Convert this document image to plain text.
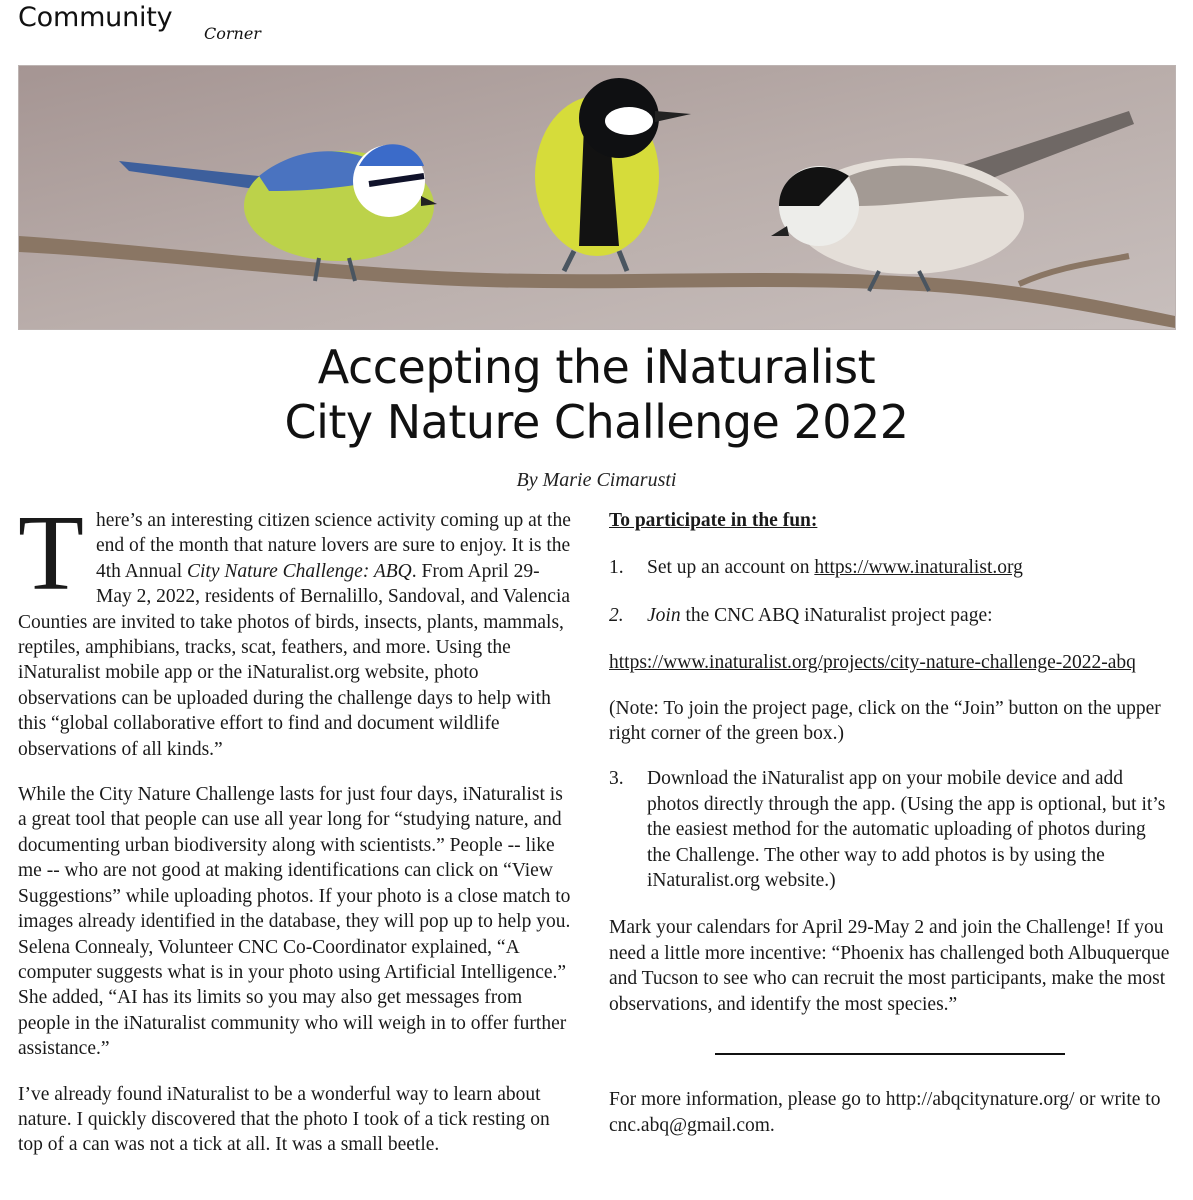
Community
Corner
Accepting the iNaturalist
City Nature Challenge 2022
By Marie Cimarusti

There’s an interesting citizen science activity coming up at the end of the month that nature lovers are sure to enjoy. It is the 4th Annual City Nature Challenge: ABQ. From April 29-May 2, 2022, residents of Bernalillo, Sandoval, and Valencia Counties are invited to take photos of birds, insects, plants, mammals, reptiles, amphibians, tracks, scat, feathers, and more. Using the iNaturalist mobile app or the iNaturalist.org website, photo observations can be uploaded during the challenge days to help with this “global collaborative effort to find and document wildlife observations of all kinds.”

While the City Nature Challenge lasts for just four days, iNaturalist is a great tool that people can use all year long for “studying nature, and documenting urban biodiversity along with scientists.” People -- like me -- who are not good at making identifications can click on “View Suggestions” while uploading photos. If your photo is a close match to images already identified in the database, they will pop up to help you. Selena Connealy, Volunteer CNC Co-Coordinator explained, “A computer suggests what is in your photo using Artificial Intelligence.” She added, “AI has its limits so you may also get messages from people in the iNaturalist community who will weigh in to offer further assistance.”

I’ve already found iNaturalist to be a wonderful way to learn about nature. I quickly discovered that the photo I took of a tick resting on top of a can was not a tick at all. It was a small beetle.

To participate in the fun:

1.	Set up an account on https://www.inaturalist.org
2.	Join the CNC ABQ iNaturalist project page:

https://www.inaturalist.org/projects/city-nature-challenge-2022-abq

(Note: To join the project page, click on the “Join” button on the upper right corner of the green box.)

3.	Download the iNaturalist app on your mobile device and add photos directly through the app. (Using the app is optional, but it’s the easiest method for the automatic uploading of photos during the Challenge. The other way to add photos is by using the iNaturalist.org website.)

Mark your calendars for April 29-May 2 and join the Challenge! If you need a little more incentive: “Phoenix has challenged both Albuquerque and Tucson to see who can recruit the most participants, make the most observations, and identify the most species.”

For more information, please go to http://abqcitynature.org/ or write to cnc.abq@gmail.com.
